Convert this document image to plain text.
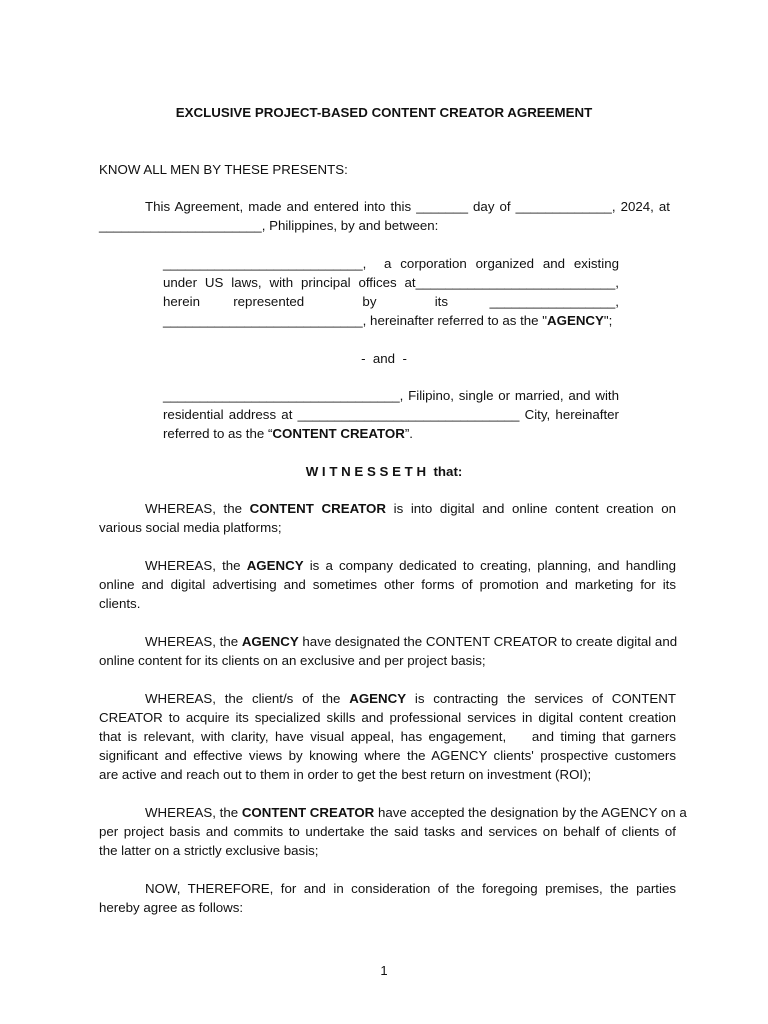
EXCLUSIVE PROJECT-BASED CONTENT CREATOR AGREEMENT
KNOW ALL MEN BY THESE PRESENTS:
This Agreement, made and entered into this _______ day of _____________, 2024, at
______________________, Philippines, by and between:
___________________________,    a  corporation  organized  and  existing
under  US  laws,  with  principal  offices  at___________________________,
herein        represented              by              its          _________________,
___________________________, hereinafter referred to as the "AGENCY";
-  and  -
________________________________, Filipino, single or married, and with
residential address at ______________________________ City, hereinafter
referred to as the “CONTENT CREATOR”.
W I T N E S S E T H  that:
WHEREAS, the CONTENT CREATOR is into digital and online content creation on
various social media platforms;
WHEREAS, the AGENCY is a company dedicated to creating, planning, and handling
online and digital advertising and sometimes other forms of promotion and marketing for its
clients.
WHEREAS, the AGENCY have designated the CONTENT CREATOR to create digital and
online content for its clients on an exclusive and per project basis;
WHEREAS, the client/s of the AGENCY is contracting the services of CONTENT
CREATOR to acquire its specialized skills and professional services in digital content creation
that is relevant, with clarity, have visual appeal, has engagement,    and timing that garners
significant and effective views by knowing where the AGENCY clients' prospective customers
are active and reach out to them in order to get the best return on investment (ROI);
WHEREAS, the CONTENT CREATOR have accepted the designation by the AGENCY on a
per project basis and commits to undertake the said tasks and services on behalf of clients of
the latter on a strictly exclusive basis;
NOW, THEREFORE, for and in consideration of the foregoing premises, the parties
hereby agree as follows:
1
